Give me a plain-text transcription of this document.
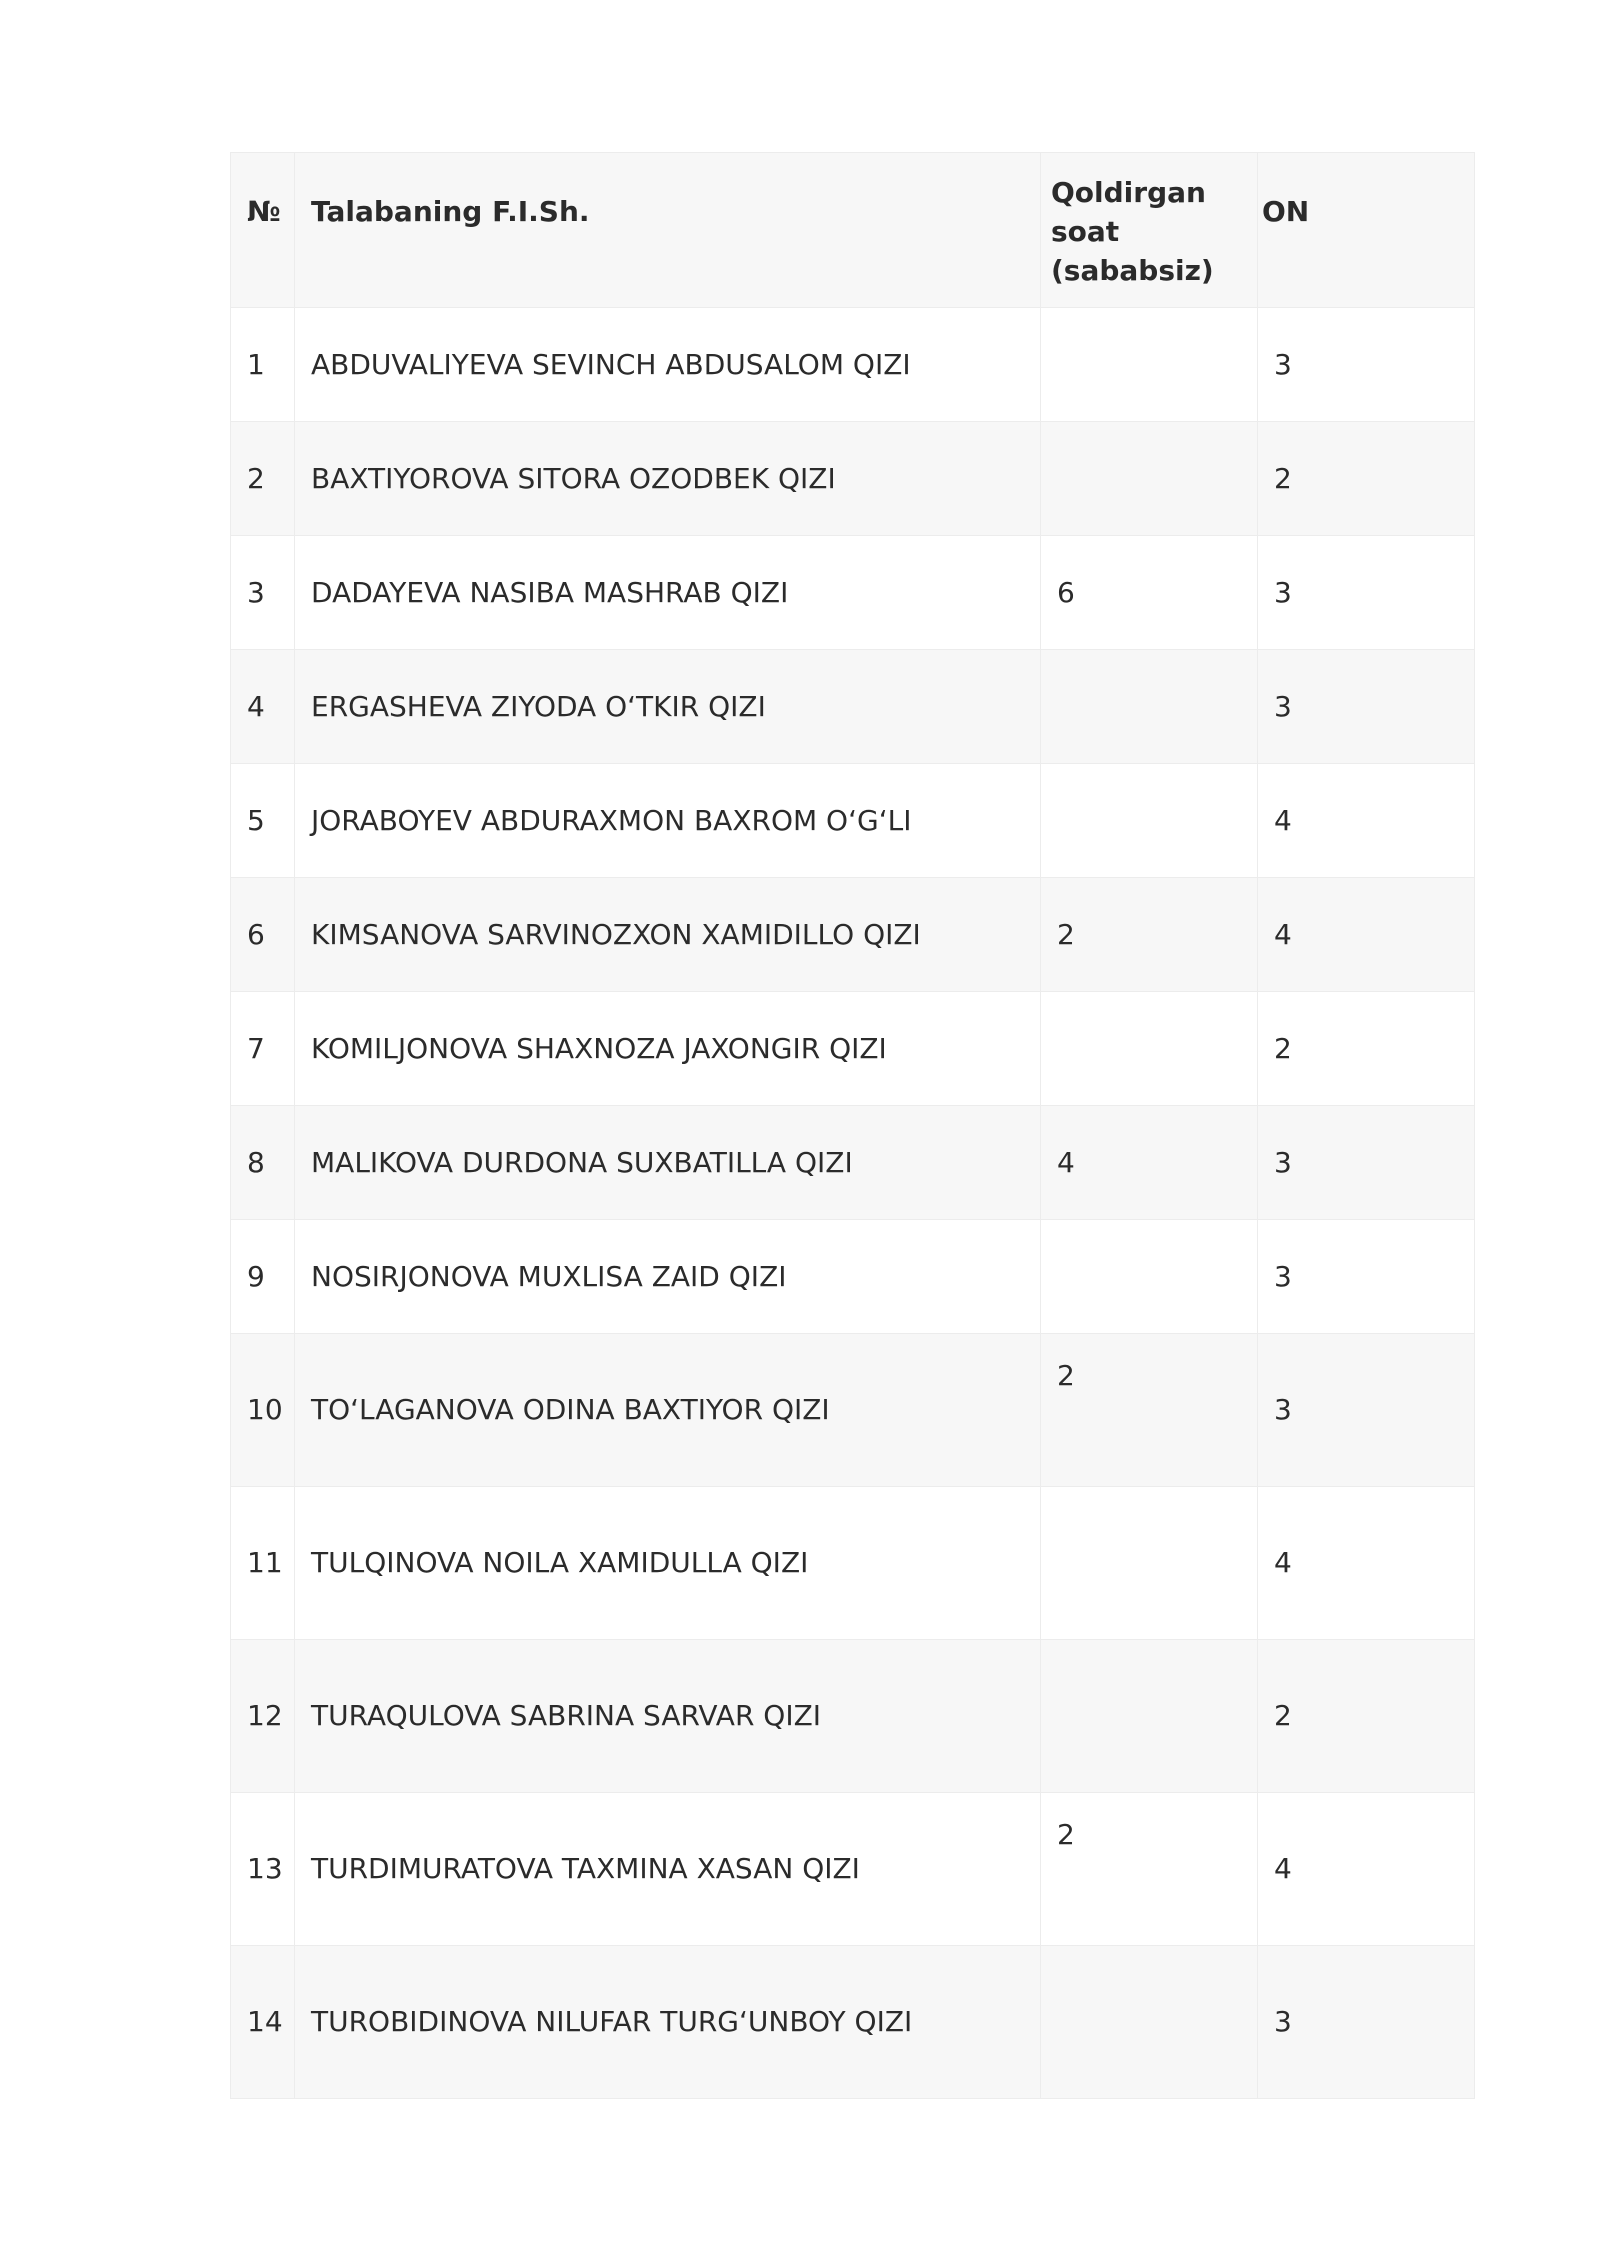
№	Talabaning F.I.Sh.	Qoldirgan soat (sababsiz)	ON
1	ABDUVALIYEVA SEVINCH ABDUSALOM QIZI		3
2	BAXTIYOROVA SITORA OZODBEK QIZI		2
3	DADAYEVA NASIBA MASHRAB QIZI	6	3
4	ERGASHEVA ZIYODA O‘TKIR QIZI		3
5	JORABOYEV ABDURAXMON BAXROM O‘G‘LI		4
6	KIMSANOVA SARVINOZXON XAMIDILLO QIZI	2	4
7	KOMILJONOVA SHAXNOZA JAXONGIR QIZI		2
8	MALIKOVA DURDONA SUXBATILLA QIZI	4	3
9	NOSIRJONOVA MUXLISA ZAID QIZI		3
10	TO‘LAGANOVA ODINA BAXTIYOR QIZI	2	3
11	TULQINOVA NOILA XAMIDULLA QIZI		4
12	TURAQULOVA SABRINA SARVAR QIZI		2
13	TURDIMURATOVA TAXMINA XASAN QIZI	2	4
14	TUROBIDINOVA NILUFAR TURG‘UNBOY QIZI		3
